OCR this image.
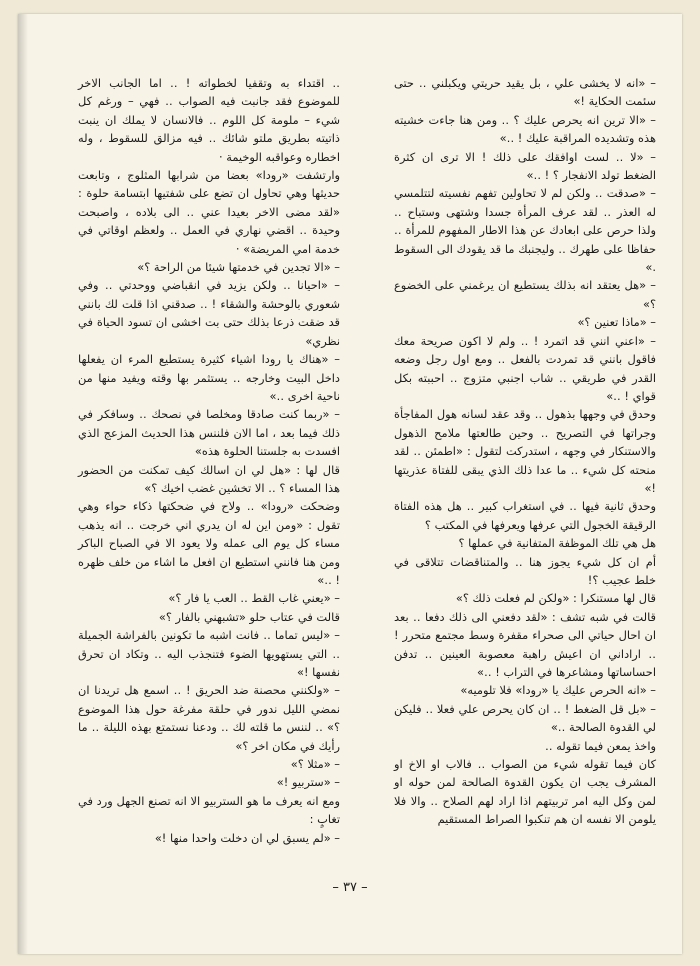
– «انه لا يخشى علي ، بل يقيد حريتي ويكبلني ‥ حتى سئمت الحكاية !»

– «الا ترين انه يحرص عليك ؟ ‥ ومن هنا جاءت خشيته هذه وتشديده المراقبة عليك ! ‥»

– «لا ‥ لست اوافقك على ذلك ! الا ترى ان كثرة الضغط تولد الانفجار ؟ ! ‥»

– «صدقت ‥ ولكن لم لا تحاولين تفهم نفسيته لتتلمسي له العذر ‥ لقد عرف المرأة جسدا وشتهى وستباح ‥ ولذا حرص على ابعادك عن هذا الاطار المفهوم للمرأة ‥ حفاظا على طهرك ‥ وليجنبك ما قد يقودك الى السقوط .»

– «هل يعتقد انه بذلك يستطيع ان يرغمني على الخضوع ؟»

– «ماذا تعنين ؟»

– «اعني انني قد اتمرد ! ‥ ولم لا اكون صريحة معك فاقول بانني قد تمردت بالفعل ‥ ومع اول رجل وضعه القدر في طريقي ‥ شاب اجنبي متزوج ‥ احببته بكل قواي ! ‥»

وحدق في وجهها بذهول ‥ وقد عقد لسانه هول المفاجأة وجراتها في التصريح ‥ وحين طالعتها ملامح الذهول والاستنكار في وجهه ، استدركت لتقول : «اطمئن ‥ لقد منحته كل شيء ‥ ما عدا ذلك الذي يبقى للفتاة عذريتها !»

وحدق ثانية فيها ‥ في استغراب كبير ‥ هل هذه الفتاة الرقيقة الخجول التي عرفها ويعرفها في المكتب ؟

هل هي تلك الموظفة المتفانية في عملها ؟

أم ان كل شيء يجوز هنا ‥ والمتناقضات تتلاقى في خلط عجيب ؟!

قال لها مستنكرا : «ولكن لم فعلت ذلك ؟»

قالت في شبه تشف : «لقد دفعني الى ذلك دفعا ‥ بعد ان احال حياتي الى صحراء مقفرة وسط مجتمع متحرر ! ‥ اراداني ان اعيش راهبة معصوبة العينين ‥ تدفن احساساتها ومشاعرها في التراب ! ‥»

– «انه الحرص عليك يا «رودا» فلا تلوميه»

– «بل قل الضغط ! ‥ ان كان يحرص علي فعلا ‥ فليكن لي القدوة الصالحة ‥»

واخذ يمعن فيما تقوله ‥

كان فيما تقوله شيء من الصواب ‥ فالاب او الاخ او المشرف يجب ان يكون القدوة الصالحة لمن حوله او لمن وكل اليه امر تربيتهم اذا اراد لهم الصلاح ‥ والا فلا يلومن الا نفسه ان هم تنكبوا الصراط المستقيم

‥ اقتداء به وتقفيا لخطواته ! ‥ اما الجانب الاخر للموضوع فقد جانبت فيه الصواب ‥ فهي – ورغم كل شيء – ملومة كل اللوم ‥ فالانسان لا يملك ان ينبت ذاتيته بطريق ملتو شائك ‥ فيه مزالق للسقوط ، وله اخطاره وعواقبه الوخيمة ·

وارتشفت «رودا» بعضا من شرابها المثلوج ، وتابعت حديثها وهي تحاول ان تضع على شفتيها ابتسامة حلوة : «لقد مضى الاخر بعيدا عني ‥ الى بلاده ، واصبحت وحيدة ‥ اقضي نهاري في العمل ‥ ولعظم اوقاتي في خدمة امي المريضة» ·

– «الا تجدين في خدمتها شيئا من الراحة ؟»

– «احيانا ‥ ولكن يزيد في انقباضي ووحدتي ‥ وفي شعوري بالوحشة والشقاء ! ‥ صدقني اذا قلت لك بانني قد ضقت ذرعا بذلك حتى بت اخشى ان تسود الحياة في نظري»

– «هناك يا رودا اشياء كثيرة يستطيع المرء ان يفعلها داخل البيت وخارجه ‥ يستثمر بها وقته ويفيد منها من ناحية اخرى ‥»

– «ربما كنت صادقا ومخلصا في نصحك ‥ وسافكر في ذلك فيما بعد ، اما الان فلننس هذا الحديث المزعج الذي افسدت به جلستنا الحلوة هذه»

قال لها : «هل لي ان اسالك كيف تمكنت من الحضور هذا المساء ؟ ‥ الا تخشين غضب اخيك ؟»

وضحكت «رودا» ‥ ولاح في ضحكتها ذكاء حواء وهي تقول : «ومن اين له ان يدري اني خرجت ‥ انه يذهب مساء كل يوم الى عمله ولا يعود الا في الصباح الباكر ومن هنا فانني استطيع ان افعل ما اشاء من خلف ظهره ! ‥»

– «يعني غاب القط ‥ العب يا فار ؟»

قالت في عتاب حلو «تشبهني بالفار ؟»

– «ليس تماما ‥ فانت اشبه ما تكونين بالفراشة الجميلة ‥ التي يستهويها الضوء فتنجذب اليه ‥ وتكاد ان تحرق نفسها !»

– «ولكنني محصنة ضد الحريق ! ‥ اسمع هل تريدنا ان نمضي الليل ندور في حلقة مفرغة حول هذا الموضوع ؟» ‥ لننس ما قلته لك ‥ ودعنا نستمتع بهذه الليلة ‥ ما رأيك في مكان اخر ؟»

– «مثلا ؟»

– «ستربيو !»

ومع انه يعرف ما هو الستربيو الا انه تصنع الجهل ورد في تغابٍ :

– «لم يسبق لي ان دخلت واحدا منها !»

– ٣٧ –
